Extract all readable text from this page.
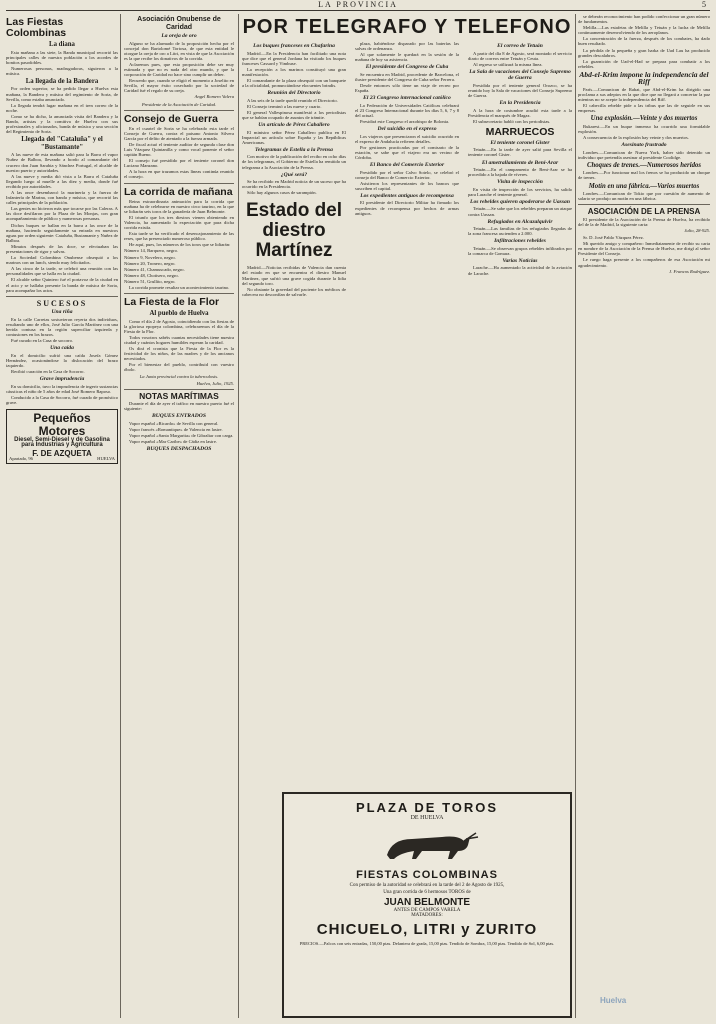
LA PROVINCIA	5
Las Fiestas Colombinas
La diana

Esta mañana a las siete, la Banda municipal recorrió las principales calles de nuestra población a los acordes de bonitos pasodobles.

Numerosas personas, madrugadoras, siguieron a la música.

La llegada de la Bandera

Por orden superior, se ha pedido llegar a Huelva esta mañana, la Bandera y música del regimiento de Soria, de Sevilla, como estaba anunciado.

La llegada tendrá lugar mañana en el tren correo de la noche.

Como se ha dicho, la anunciada visita del Bandera y la Banda, artistas y la comitiva de Huelva con sus profesionales y aficionados, banda de música y una sección del Regimiento de Soria.

Llegada del "Cataluña" y el "Bustamante"

A las nueve de esta mañana salió para la Barra el vapor Nuñez de Balboa, llevando a bordo al comandante del crucero don Juan Sarabia y Sánchez Portugal, el alcalde de nuestro puerto y autoridades.

A las nueve y media dió vista a la Barra el Cataluña llegando luego al muelle a las diez y media, donde fué recibido por autoridades.

A las once desembarcó la marinería y la fuerza de Infantería de Marina, con banda y música, que recorrió las calles principales de la población.

Las gentes no hicieron más que tocarse por las Caleras. A las doce desfilaron por la Plaza de las Monjas, con gran acompañamiento de público y numerosas personas.

Dichos buques se hallan en la barra a las once de la mañana, haciendo seguidamente su entrada en nuestros aguas por orden siguiente: Cataluña, Bustamante y Nuñez de Balboa.

Minutos después de las doce, se efectuaban las presentaciones de rigor y salvas.

La Sociedad Colombina Onubense obsequió a los marinos con un lunch, siendo muy felicitados.

A las cinco de la tarde, se celebró una reunión con las personalidades que se halla en la ciudad.

El alcalde señor Quintero fué el portavoz de la ciudad en el acto y se hallaba presente la banda de música de Soria, para acompañar los actos.

SUCESOS
Una riña

En la calle Carretas sostuvieron reyerta dos individuos, resultando uno de ellos, José Julio García Martínez con una herida contusa en la región superciliar izquierda y contusiones en los brazos.

Fué curado en la Casa de socorro.

Una caída

En el domicilio sufrió una caída Josefa Gómez Hernández, ocasionándose la dislocación del brazo izquierdo.

Recibió curación en la Casa de Socorro.

Grave imprudencia

En su domicilio, tuvo la imprudencia de ingerir sustancias cáusticas el niño de 5 años de edad José Romero Raposo.

Conducido a la Casa de Socorro, fué curado de pronóstico grave.

Pequeños Motores
Diesel, Semi-Diesel y de Gasolina para Industrias y Agricultura
F. DE AZQUETA
Apartado, 96	HUELVA
Asociación Onubense de Caridad
La oreja de oro

Alguno se ha alarmado de la proposición hecha por el concejal don Bartolomé Tortosa, de que esta entidad le otorgue la oreja de oro a Litri, en vista de que la Asociación es la que recibe los donativos de la corrida.

Aclaremos pues, que esta proposición debe ser muy estimada y que no es nada del otro mundo, y que la corporación de Caridad no hace sino cumplir un deber.

Recuerdo que, cuando se eligió el momento a Joselito en Sevilla, el mayor éxito cosechado por la sociedad de Caridad fué el regalo de su oreja.

Angel Romero Valera
Presidente de la Asociación de Caridad.
Consejo de Guerra

En el cuartel de Soria se ha celebrado esta tarde el Consejo de Guerra, contra el paisano Antonio Silvera García por el delito de atentado a la fuerza armada.

De fiscal actuó el teniente auditor de segunda clase don Luis Vázquez Quintanilla y como vocal ponente el señor capitán Bueno.

El consejo fué presidido por el teniente coronel don Luciano Manzano.

A la hora en que trazamos estas líneas continúa reunido el consejo.

La corrida de mañana

Reina extraordinaria animación para la corrida que mañana ha de celebrarse en nuestro circo taurino, en la que se lidiarán seis toros de la ganadería de Juan Belmonte.

El triunfo que los tres diestros vienen obteniendo en Valencia, ha aumentado la expectación que para dicha corrida existía.

Esta tarde se ha verificado el desencajonamiento de las reses, que ha presenciado numeroso público.

He aquí, pues, los números de los toros que se lidiarán:

Número 14, Barquero, negro.

Número 9, Novelero, negro.

Número 20, Tronero, negro.

Número 41, Chamuscado, negro.

Número 48, Chotisero, negro.

Número 51, Grullito, negro.

La corrida promete resultar un acontecimiento taurino.

La Fiesta de la Flor
Al pueblo de Huelva

Como el día 2 de Agosto, coincidiendo con las fiestas de la gloriosa epopeya colombina, celebraremos el día de la Fiesta de la Flor.

Todos vosotros sabéis cuantas necesidades tiene nuestra ciudad y cuántos hogares humildes esperan la caridad.

Os dirá el cronista que la Fiesta de la Flor es la festividad de los niños, de las madres y de los ancianos necesitados.

Por el bienestar del pueblo, contribuid con vuestro óbolo.

La Junta provincial contra la tuberculosis.
Huelva, Julio, 1925.
NOTAS MARÍTIMAS

Durante el día de ayer el tráfico en nuestro puerto fué el siguiente:

BUQUES ENTRADOS

Vapor español «Ricardo» de Sevilla con general.

Vapor francés «Romantique» de Valencia en lastre.

Vapor español «Santa Margarita» de Gibraltar con carga.

Vapor español «Mar Caribe» de Cádiz en lastre.

BUQUES DESPACHADOS
POR TELEGRAFO Y TELEFONO
Los buques franceses en Chafarina

Madrid.—En la Presidencia han facilitado una nota que dice que el general Jordana ha visitado los buques franceses Cassard y Vimbuse.

La recepción a los marinos constituyó una gran manifestación.

El comandante de la plaza obsequió con un banquete a la oficialidad, pronunciándose elocuentes brindis.

Reunión del Directorio

A las seis de la tarde quedó reunido el Directorio.

El Consejo terminó a las nueve y cuarto.

El general Vallespinosa manifestó a los periodistas que se habían ocupado de asuntos de trámite.

Un artículo de Pérez Caballero

El ministro señor Pérez Caballero publica en El Imparcial un artículo sobre España y las Repúblicas Americanas.

Telegramas de Estella a la Prensa

Con motivo de la publicación del recibo en ocho días de los telegramas, el Gobierno de Estella ha remitido un telegrama a la Asociación de la Prensa.

¿Qué será?

Se ha recibido en Madrid noticia de un suceso que ha ocurrido en la Presidencia.

Sólo hay algunos casos de sarampión.

Estado del diestro Martínez

Madrid.—Noticias recibidas de Valencia dan cuenta del estado en que se encuentra el diestro Manuel Martínez, que sufrió una grave cogida durante la lidia del segundo toro.

No obstante la gravedad del paciente los médicos de cabecera no desconfían de salvarle.

plaza, habiéndose disparado por las baterías las salvas de ordenanza.

Al que solamente le quedará en la sesión de la mañana de hoy su asistencia.

El presidente del Congreso de Cuba

Se encuentra en Madrid, procedente de Barcelona, el ilustre presidente del Congreso de Cuba señor Ferrera.

Desde entonces sólo tiene un viaje de recreo por España.

El 23 Congreso internacional católico

La Federación de Universidades Católicas celebrará el 23 Congreso Internacional durante los días 5, 6, 7 y 8 del actual.

Presidirá este Congreso el arzobispo de Bolonia.

Del suicidio en el expreso

Los viajeros que presenciaron el suicidio ocurrido en el expreso de Andalucía refieren detalles.

Por gestiones practicadas por el comisario de la estación, se sabe que el viajero era un vecino de Córdoba.

El Banco del Comercio Exterior

Presidido por el señor Calvo Sotelo, se celebró el consejo del Banco de Comercio Exterior.

Asistieron los representantes de los bancos que suscriben el capital.

Los expedientes antiguos de recompensa

El presidente del Directorio Militar ha firmado los expedientes de recompensa por hechos de armas antiguos.

El correo de Tetuán

A partir del día 8 de Agosto, será montado el servicio diario de correos entre Tetuán y Ceuta.

Al regreso se utilizará la misma línea.

La Sala de vacaciones del Consejo Supremo de Guerra

Presidida por el teniente general Orozco, se ha reunido hoy la Sala de vacaciones del Consejo Supremo de Guerra.

En la Presidencia

A la hora de costumbre acudió esta tarde a la Presidencia el marqués de Magaz.

El subsecretario habló con los periodistas.

MARRUECOS
El teniente coronel Gister

Tetuán.—En la tarde de ayer salió para Sevilla el teniente coronel Gister.

El ametrallamiento de Beni-Arar

Tetuán.—En el campamento de Beni-Arar se ha procedido a la bajada de víveres.

Visita de inspección

En visita de inspección de los servicios, ha salido para Larache el teniente general.

Los rebeldes quieren apoderarse de Uassan

Tetuán.—Se sabe que los rebeldes preparan un ataque contra Uassan.

Refugiados en Alcazalquivir

Tetuán.—Las familias de los refugiados llegadas de la zona francesa ascienden a 2.000.

Infiltraciones rebeldes

Tetuán.—Se observan grupos rebeldes infiltrados por la comarca de Gomara.

Varias Noticias

Larache.—Ha aumentado la actividad de la aviación de Larache.

PLAZA DE TOROS
DE HUELVA
FIESTAS COLOMBINAS
Con permiso de la autoridad se celebrará en la tarde del 2 de Agosto de 1925,
Una gran corrida de 6 hermosos TOROS de
JUAN BELMONTE
ANTES DE CAMPOS VARELA
MATADORES:
CHICUELO, LITRI y ZURITO
PRECIOS.—Palcos con seis entradas, 150,00 ptas. Delantera de grada, 15,00 ptas. Tendido de Sombra, 15,00 ptas. Tendido de Sol, 6,00 ptas.

se deberán reconocimiento han podido confeccionar un gran número de fundamentos.

Melilla.—Las estafetas de Melilla y Tetuán y la lucha de Melilla continuamente desenvolviendo de los aeroplanos.

La concentración de la fuerza, después de los combates, ha dado buen resultado.

La pérdida de la pequeña y gran harka de Uad Lau ha producido grandes descalabros.

La guarnición de Uad-el-Had se prepara para combatir a los rebeldes.

Abd-el-Krim impone la independencia del Riff

París.—Comunican de Rabat, que Abd-el-Krim ha dirigido una proclama a sus adeptos en la que dice que no llegará a concertar la paz mientras no se acepte la independencia del Riff.

El cabecilla rebelde pide a las tribus que las de seguirle en sus empresas.

Una explosión.—Veinte y dos muertos

Bukarest.—En un buque inmenso ha ocurrido una formidable explosión.

A consecuencia de la explosión hay veinte y dos muertos.

Asesinato frustrado

Londres.—Comunican de Nueva York, haber sido detenido un individuo que pretendía asesinar al presidente Coolidge.

Choques de trenes.—Numerosos heridos

Londres.—Por funcionar mal los frenos se ha producido un choque de trenes.

Motín en una fábrica.—Varios muertos

Londres.—Comunican de Tokio que por cuestión de aumento de salario se produjo un motín en una fábrica.

ASOCIACIÓN DE LA PRENSA

El presidente de la Asociación de la Prensa de Huelva, ha recibido del de la de Madrid, la siguiente carta:

Julio, 28-925.

Sr. D. José Pablo Vázquez Pérez.

Mi querido amigo y compañero: Inmediatamente de recibir su carta en nombre de la Asociación de la Prensa de Huelva, me dirigí al señor Presidente del Consejo.

Le ruego haga presente a los compañeros de esa Asociación mi agradecimiento.

J. Francos Rodríguez.
Huelva
